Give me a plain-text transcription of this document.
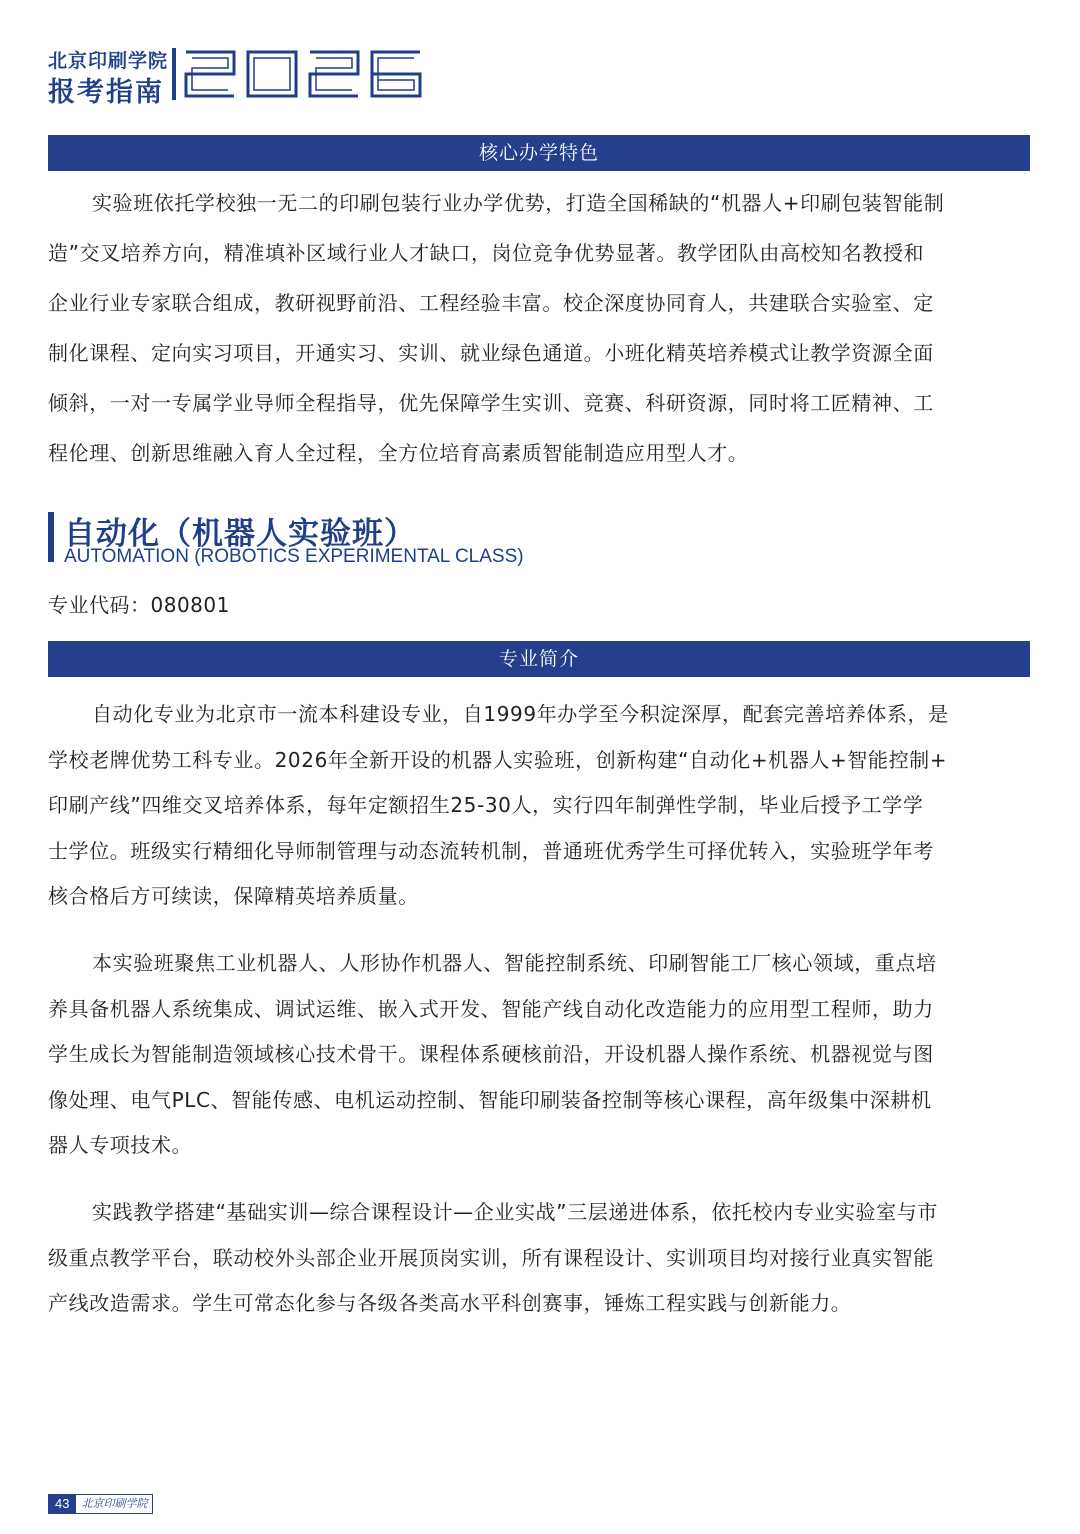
北京印刷学院
报考指南
核心办学特色
实验班依托学校独一无二的印刷包装行业办学优势，打造全国稀缺的“机器人+印刷包装智能制
造”交叉培养方向，精准填补区域行业人才缺口，岗位竞争优势显著。教学团队由高校知名教授和
企业行业专家联合组成，教研视野前沿、工程经验丰富。校企深度协同育人，共建联合实验室、定
制化课程、定向实习项目，开通实习、实训、就业绿色通道。小班化精英培养模式让教学资源全面
倾斜，一对一专属学业导师全程指导，优先保障学生实训、竞赛、科研资源，同时将工匠精神、工
程伦理、创新思维融入育人全过程，全方位培育高素质智能制造应用型人才。
自动化（机器人实验班）
AUTOMATION (ROBOTICS EXPERIMENTAL CLASS)
专业代码：080801
专业简介
自动化专业为北京市一流本科建设专业，自1999年办学至今积淀深厚，配套完善培养体系，是
学校老牌优势工科专业。2026年全新开设的机器人实验班，创新构建“自动化+机器人+智能控制+
印刷产线”四维交叉培养体系，每年定额招生25-30人，实行四年制弹性学制，毕业后授予工学学
士学位。班级实行精细化导师制管理与动态流转机制，普通班优秀学生可择优转入，实验班学年考
核合格后方可续读，保障精英培养质量。
本实验班聚焦工业机器人、人形协作机器人、智能控制系统、印刷智能工厂核心领域，重点培
养具备机器人系统集成、调试运维、嵌入式开发、智能产线自动化改造能力的应用型工程师，助力
学生成长为智能制造领域核心技术骨干。课程体系硬核前沿，开设机器人操作系统、机器视觉与图
像处理、电气PLC、智能传感、电机运动控制、智能印刷装备控制等核心课程，高年级集中深耕机
器人专项技术。
实践教学搭建“基础实训—综合课程设计—企业实战”三层递进体系，依托校内专业实验室与市
级重点教学平台，联动校外头部企业开展顶岗实训，所有课程设计、实训项目均对接行业真实智能
产线改造需求。学生可常态化参与各级各类高水平科创赛事，锤炼工程实践与创新能力。
43	北京印刷学院
